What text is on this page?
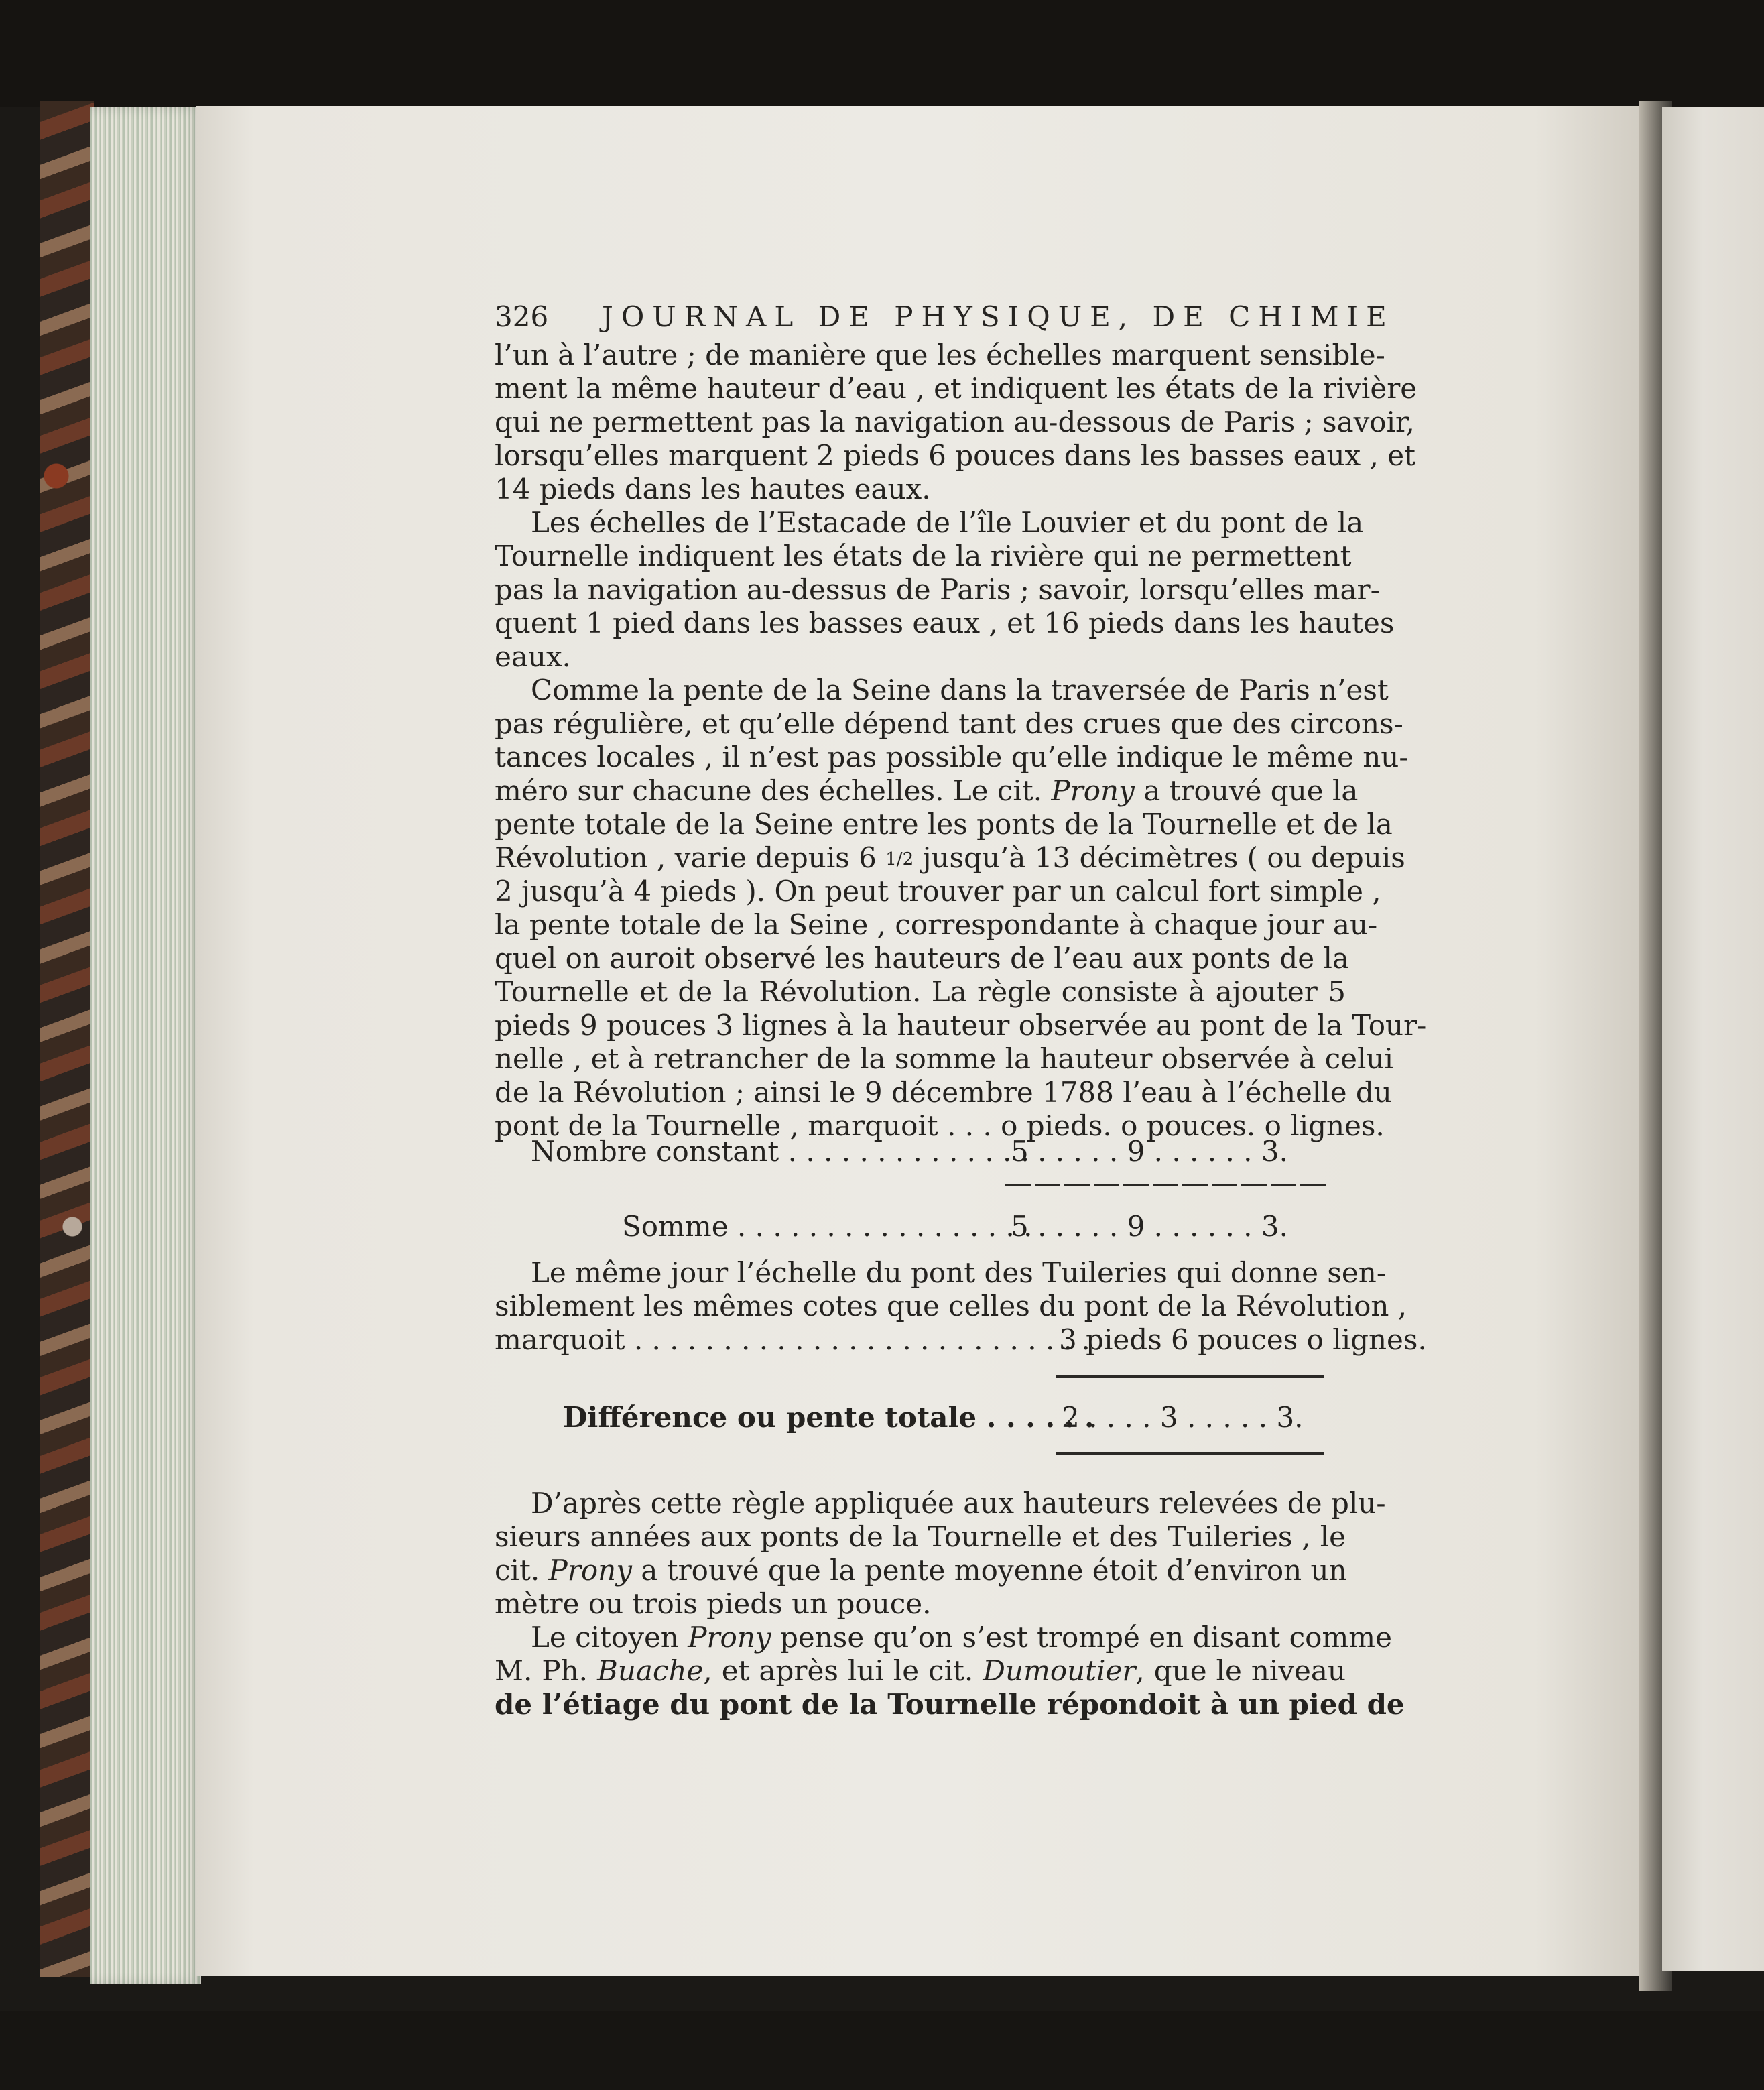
326 JOURNAL DE PHYSIQUE, DE CHIMIE
l’un à l’autre ; de manière que les échelles marquent sensible-
ment la même hauteur d’eau , et indiquent les états de la rivière
qui ne permettent pas la navigation au-dessous de Paris ; savoir,
lorsqu’elles marquent 2 pieds 6 pouces dans les basses eaux , et
14 pieds dans les hautes eaux.
Les échelles de l’Estacade de l’île Louvier et du pont de la
Tournelle indiquent les états de la rivière qui ne permettent
pas la navigation au-dessus de Paris ; savoir, lorsqu’elles mar-
quent 1 pied dans les basses eaux , et 16 pieds dans les hautes
eaux.
Comme la pente de la Seine dans la traversée de Paris n’est
pas régulière, et qu’elle dépend tant des crues que des circons-
tances locales , il n’est pas possible qu’elle indique le même nu-
méro sur chacune des échelles. Le cit. Prony a trouvé que la
pente totale de la Seine entre les ponts de la Tournelle et de la
Révolution , varie depuis 6 1/2 jusqu’à 13 décimètres ( ou depuis
2 jusqu’à 4 pieds ). On peut trouver par un calcul fort simple ,
la pente totale de la Seine , correspondante à chaque jour au-
quel on auroit observé les hauteurs de l’eau aux ponts de la
Tournelle et de la Révolution. La règle consiste à ajouter 5
pieds 9 pouces 3 lignes à la hauteur observée au pont de la Tour-
nelle , et à retrancher de la somme la hauteur observée à celui
de la Révolution ; ainsi le 9 décembre 1788 l’eau à l’échelle du
pont de la Tournelle , marquoit . . . o pieds. o pouces. o lignes.
Nombre constant . . . . . . . . . . . . . .
5 . . . . . 9 . . . . . . 3.
Somme . . . . . . . . . . . . . . . . .
5 . . . . . 9 . . . . . . 3.
Le même jour l’échelle du pont des Tuileries qui donne sen-
siblement les mêmes cotes que celles du pont de la Révolution ,
marquoit . . . . . . . . . . . . . . . . . . . . . . . . . .
3 pieds 6 pouces o lignes.
Différence ou pente totale . . . . . .
2 . . . . 3 . . . . . 3.
D’après cette règle appliquée aux hauteurs relevées de plu-
sieurs années aux ponts de la Tournelle et des Tuileries , le
cit. Prony a trouvé que la pente moyenne étoit d’environ un
mètre ou trois pieds un pouce.
Le citoyen Prony pense qu’on s’est trompé en disant comme
M. Ph. Buache, et après lui le cit. Dumoutier, que le niveau
de l’étiage du pont de la Tournelle répondoit à un pied de
